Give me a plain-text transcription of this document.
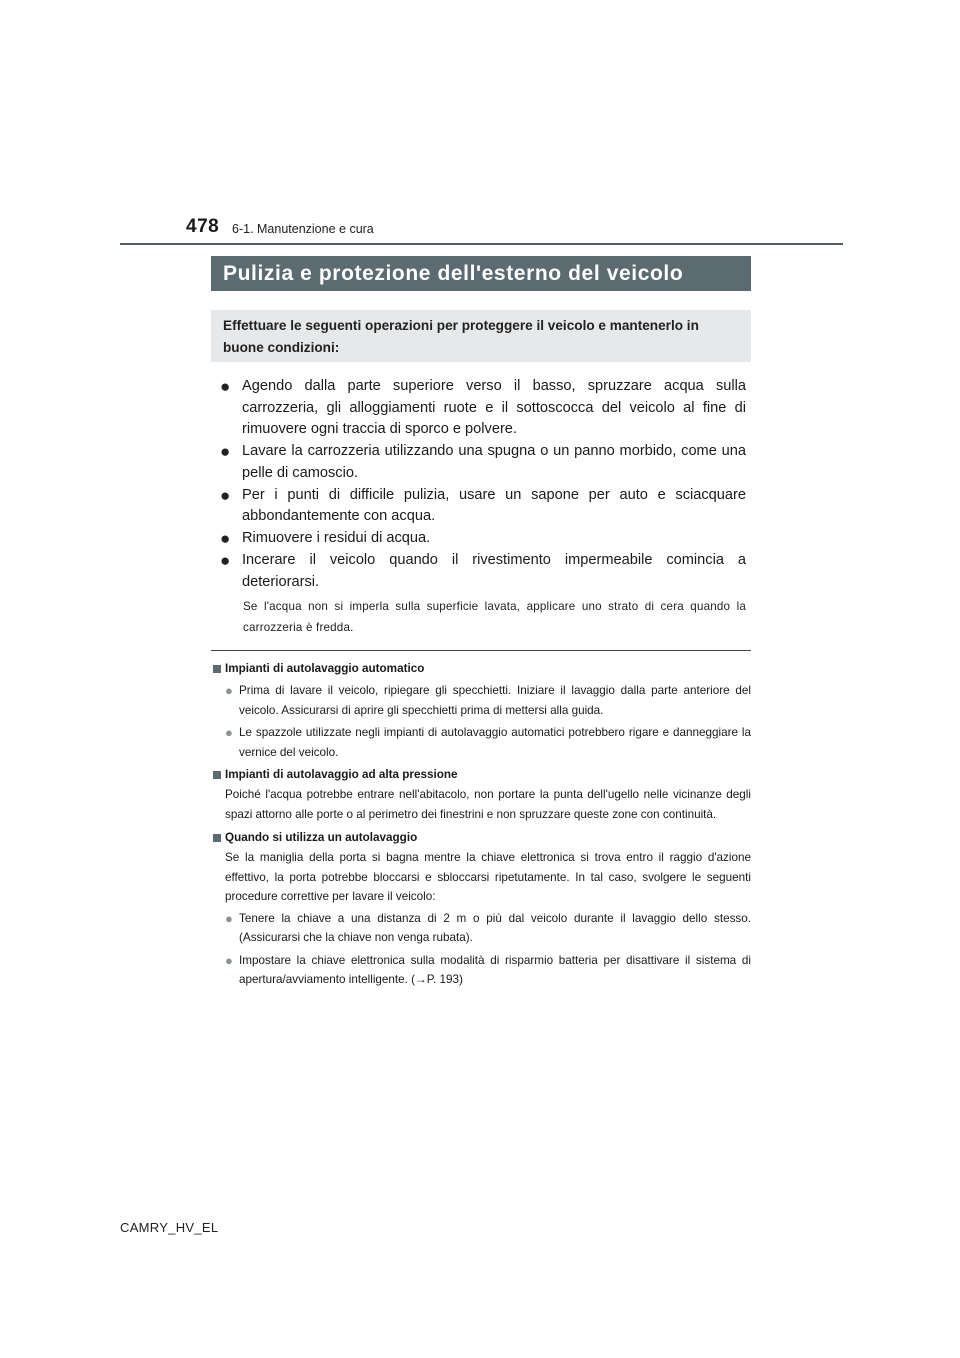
478 6-1. Manutenzione e cura
Pulizia e protezione dell'esterno del veicolo
Effettuare le seguenti operazioni per proteggere il veicolo e mantenerlo in buone condizioni:
● Agendo dalla parte superiore verso il basso, spruzzare acqua sulla carrozzeria, gli alloggiamenti ruote e il sottoscocca del veicolo al fine di rimuovere ogni traccia di sporco e polvere.
● Lavare la carrozzeria utilizzando una spugna o un panno morbido, come una pelle di camoscio.
● Per i punti di difficile pulizia, usare un sapone per auto e sciacquare abbondantemente con acqua.
● Rimuovere i residui di acqua.
● Incerare il veicolo quando il rivestimento impermeabile comincia a deteriorarsi.
Se l'acqua non si imperla sulla superficie lavata, applicare uno strato di cera quando la carrozzeria è fredda.
Impianti di autolavaggio automatico
● Prima di lavare il veicolo, ripiegare gli specchietti. Iniziare il lavaggio dalla parte anteriore del veicolo. Assicurarsi di aprire gli specchietti prima di mettersi alla guida.
● Le spazzole utilizzate negli impianti di autolavaggio automatici potrebbero rigare e danneggiare la vernice del veicolo.
Impianti di autolavaggio ad alta pressione
Poiché l'acqua potrebbe entrare nell'abitacolo, non portare la punta dell'ugello nelle vicinanze degli spazi attorno alle porte o al perimetro dei finestrini e non spruzzare queste zone con continuità.
Quando si utilizza un autolavaggio
Se la maniglia della porta si bagna mentre la chiave elettronica si trova entro il raggio d'azione effettivo, la porta potrebbe bloccarsi e sbloccarsi ripetutamente. In tal caso, svolgere le seguenti procedure correttive per lavare il veicolo:
● Tenere la chiave a una distanza di 2 m o più dal veicolo durante il lavaggio dello stesso. (Assicurarsi che la chiave non venga rubata).
● Impostare la chiave elettronica sulla modalità di risparmio batteria per disattivare il sistema di apertura/avviamento intelligente. (→P. 193)
CAMRY_HV_EL
